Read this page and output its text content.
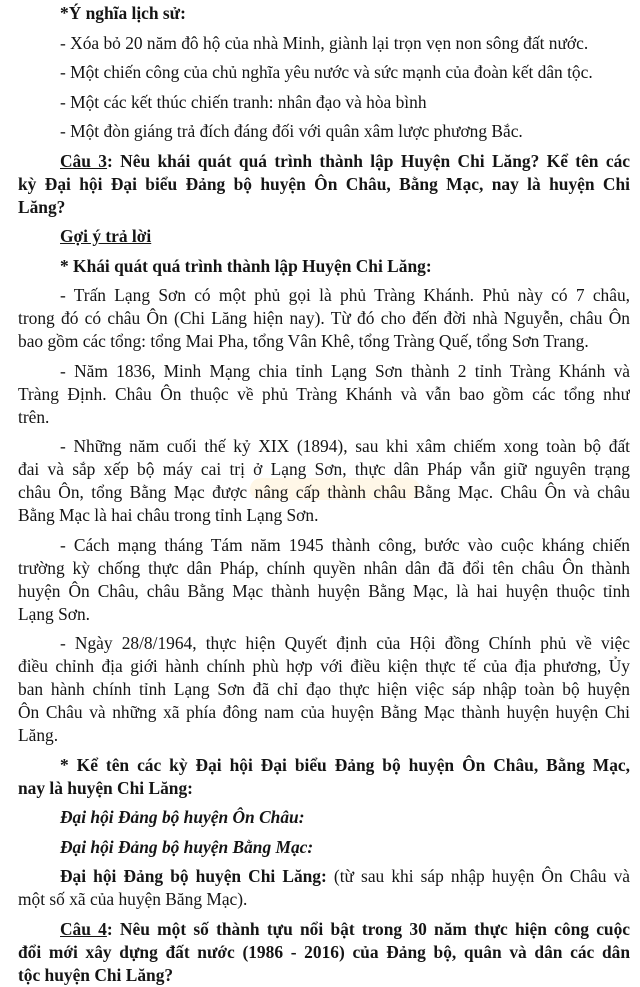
*Ý nghĩa lịch sử:
- Xóa bỏ 20 năm đô hộ của nhà Minh, giành lại trọn vẹn non sông đất nước.
- Một chiến công của chủ nghĩa yêu nước và sức mạnh của đoàn kết dân tộc.
- Một các kết thúc chiến tranh: nhân đạo và hòa bình
- Một đòn giáng trả đích đáng đối với quân xâm lược phương Bắc.
Câu 3: Nêu khái quát quá trình thành lập Huyện Chi Lăng? Kể tên các
kỳ Đại hội Đại biểu Đảng bộ huyện Ôn Châu, Bằng Mạc, nay là huyện Chi
Lăng?
Gợi ý trả lời
* Khái quát quá trình thành lập Huyện Chi Lăng:
- Trấn Lạng Sơn có một phủ gọi là phủ Tràng Khánh. Phủ này có 7 châu,
trong đó có châu Ôn (Chi Lăng hiện nay). Từ đó cho đến đời nhà Nguyễn, châu Ôn
bao gồm các tổng: tổng Mai Pha, tổng Vân Khê, tổng Tràng Quế, tổng Sơn Trang.
- Năm 1836, Minh Mạng chia tỉnh Lạng Sơn thành 2 tỉnh Tràng Khánh và
Tràng Định. Châu Ôn thuộc về phủ Tràng Khánh và vẫn bao gồm các tổng như
trên.
- Những năm cuối thế kỷ XIX (1894), sau khi xâm chiếm xong toàn bộ đất
đai và sắp xếp bộ máy cai trị ở Lạng Sơn, thực dân Pháp vẫn giữ nguyên trạng
châu Ôn, tổng Bằng Mạc được nâng cấp thành châu Bằng Mạc. Châu Ôn và châu
Bằng Mạc là hai châu trong tỉnh Lạng Sơn.
- Cách mạng tháng Tám năm 1945 thành công, bước vào cuộc kháng chiến
trường kỳ chống thực dân Pháp, chính quyền nhân dân đã đổi tên châu Ôn thành
huyện Ôn Châu, châu Bằng Mạc thành huyện Bằng Mạc, là hai huyện thuộc tỉnh
Lạng Sơn.
- Ngày 28/8/1964, thực hiện Quyết định của Hội đồng Chính phủ về việc
điều chỉnh địa giới hành chính phù hợp với điều kiện thực tế của địa phương, Ủy
ban hành chính tỉnh Lạng Sơn đã chỉ đạo thực hiện việc sáp nhập toàn bộ huyện
Ôn Châu và những xã phía đông nam của huyện Bằng Mạc thành huyện huyện Chi
Lăng.
* Kể tên các kỳ Đại hội Đại biểu Đảng bộ huyện Ôn Châu, Bằng Mạc,
nay là huyện Chi Lăng:
Đại hội Đảng bộ huyện Ôn Châu:
Đại hội Đảng bộ huyện Bằng Mạc:
Đại hội Đảng bộ huyện Chi Lăng: (từ sau khi sáp nhập huyện Ôn Châu và
một số xã của huyện Băng Mạc).
Câu 4: Nêu một số thành tựu nổi bật trong 30 năm thực hiện công cuộc
đổi mới xây dựng đất nước (1986 - 2016) của Đảng bộ, quân và dân các dân
tộc huyện Chi Lăng?
